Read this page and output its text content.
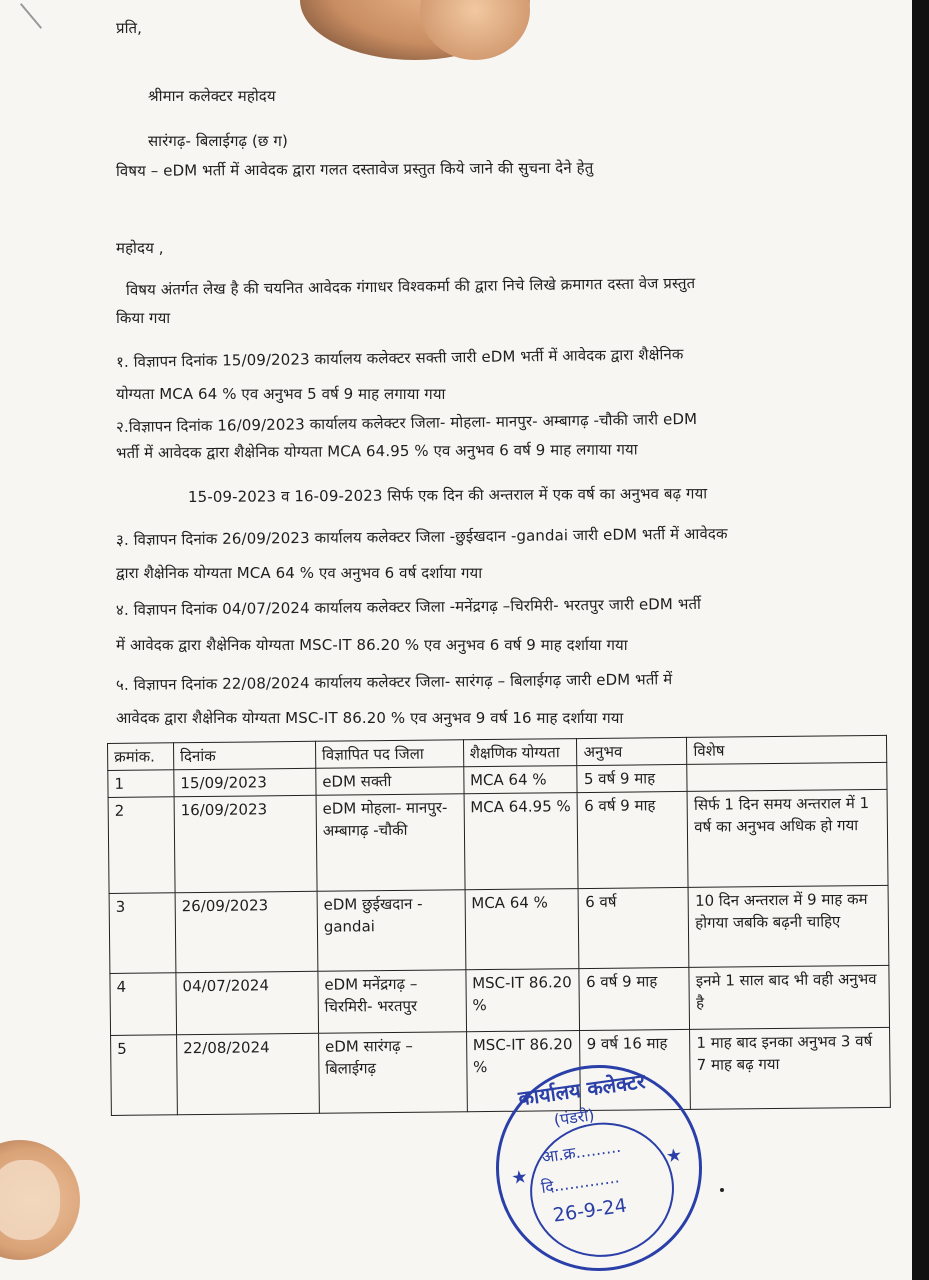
प्रति,
श्रीमान कलेक्टर महोदय
सारंगढ़- बिलाईगढ़ (छ ग)
विषय – eDM भर्ती में आवेदक द्वारा गलत दस्तावेज प्रस्तुत किये जाने की सुचना देने हेतु
महोदय ,
विषय अंतर्गत लेख है की चयनित आवेदक गंगाधर विश्वकर्मा की द्वारा निचे लिखे क्रमागत दस्ता वेज प्रस्तुत
किया गया
१. विज्ञापन दिनांक 15/09/2023 कार्यालय कलेक्टर सक्ती जारी eDM भर्ती में आवेदक द्वारा शैक्षेनिक
योग्यता MCA 64 % एव अनुभव 5 वर्ष 9 माह लगाया गया
२.विज्ञापन दिनांक 16/09/2023 कार्यालय कलेक्टर जिला- मोहला- मानपुर- अम्बागढ़ -चौकी जारी eDM
भर्ती में आवेदक द्वारा शैक्षेनिक योग्यता MCA 64.95 % एव अनुभव 6 वर्ष 9 माह लगाया गया
15-09-2023 व 16-09-2023 सिर्फ एक दिन की अन्तराल में एक वर्ष का अनुभव बढ़ गया
३. विज्ञापन दिनांक 26/09/2023 कार्यालय कलेक्टर जिला -छुईखदान -gandai जारी eDM भर्ती में आवेदक
द्वारा शैक्षेनिक योग्यता MCA 64 % एव अनुभव 6 वर्ष दर्शाया गया
४. विज्ञापन दिनांक 04/07/2024 कार्यालय कलेक्टर जिला -मनेंद्रगढ़ –चिरमिरी- भरतपुर जारी eDM भर्ती
में आवेदक द्वारा शैक्षेनिक योग्यता MSC-IT 86.20 % एव अनुभव 6 वर्ष 9 माह दर्शाया गया
५. विज्ञापन दिनांक 22/08/2024 कार्यालय कलेक्टर जिला- सारंगढ़ – बिलाईगढ़ जारी eDM भर्ती में
आवेदक द्वारा शैक्षेनिक योग्यता MSC-IT 86.20 % एव अनुभव 9 वर्ष 16 माह दर्शाया गया
क्रमांक.	दिनांक	विज्ञापित पद जिला	शैक्षणिक योग्यता	अनुभव	विशेष
1	15/09/2023	eDM सक्ती	MCA 64 %	5 वर्ष 9 माह	
2	16/09/2023	eDM मोहला- मानपुर- अम्बागढ़ -चौकी	MCA 64.95 %	6 वर्ष 9 माह	सिर्फ 1 दिन समय अन्तराल में 1 वर्ष का अनुभव अधिक हो गया
3	26/09/2023	eDM छुईखदान - gandai	MCA 64 %	6 वर्ष	10 दिन अन्तराल में 9 माह कम होगया जबकि बढ़नी चाहिए
4	04/07/2024	eDM मनेंद्रगढ़ – चिरमिरी- भरतपुर	MSC-IT 86.20 %	6 वर्ष 9 माह	इनमे 1 साल बाद भी वही अनुभव है
5	22/08/2024	eDM सारंगढ़ – बिलाईगढ़	MSC-IT 86.20 %	9 वर्ष 16 माह	1 माह बाद इनका अनुभव 3 वर्ष 7 माह बढ़ गया
कार्यालय कलेक्टर
(पंडरी)
आ.क्र.........
दि.............
26-9-24
★
★
